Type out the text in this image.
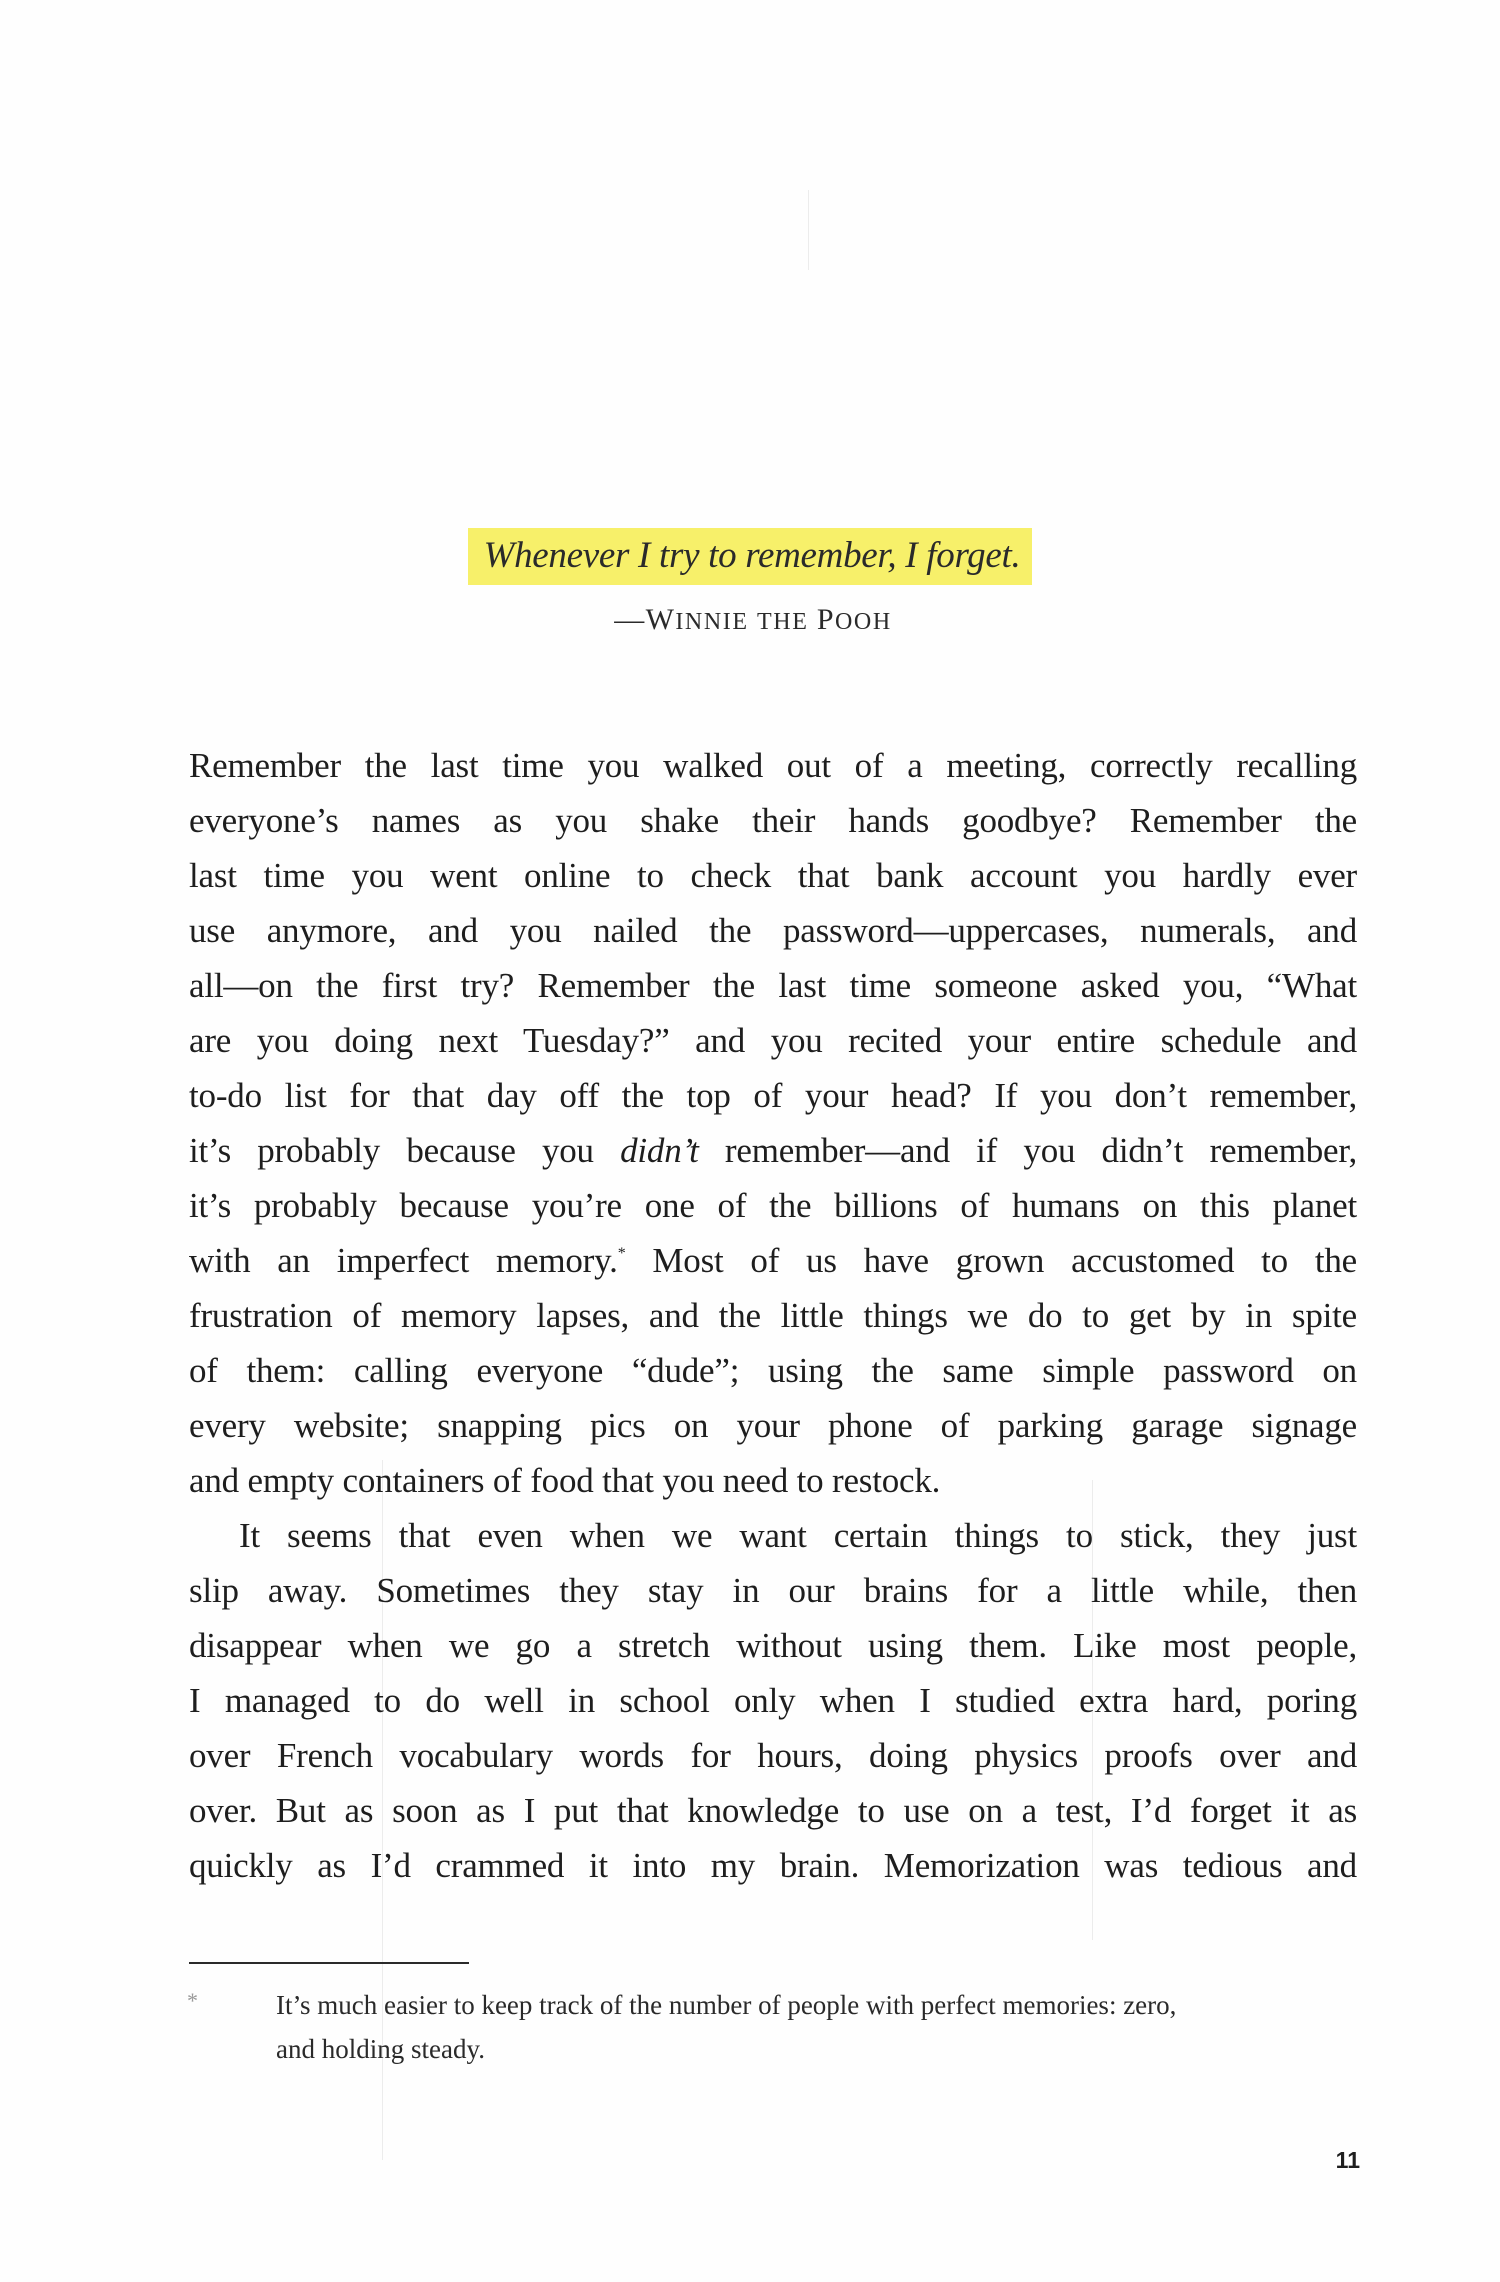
Whenever I try to remember, I forget.
—WINNIE THE POOH

Remember the last time you walked out of a meeting, correctly recalling
everyone’s names as you shake their hands goodbye? Remember the
last time you went online to check that bank account you hardly ever
use anymore, and you nailed the password—uppercases, numerals, and
all—on the first try? Remember the last time someone asked you, “What
are you doing next Tuesday?” and you recited your entire schedule and
to-do list for that day off the top of your head? If you don’t remember,
it’s probably because you didn’t remember—and if you didn’t remember,
it’s probably because you’re one of the billions of humans on this planet
with an imperfect memory.* Most of us have grown accustomed to the
frustration of memory lapses, and the little things we do to get by in spite
of them: calling everyone “dude”; using the same simple password on
every website; snapping pics on your phone of parking garage signage
and empty containers of food that you need to restock.

It seems that even when we want certain things to stick, they just
slip away. Sometimes they stay in our brains for a little while, then
disappear when we go a stretch without using them. Like most people,
I managed to do well in school only when I studied extra hard, poring
over French vocabulary words for hours, doing physics proofs over and
over. But as soon as I put that knowledge to use on a test, I’d forget it as
quickly as I’d crammed it into my brain. Memorization was tedious and

*	It’s much easier to keep track of the number of people with perfect memories: zero,
and holding steady.
11
